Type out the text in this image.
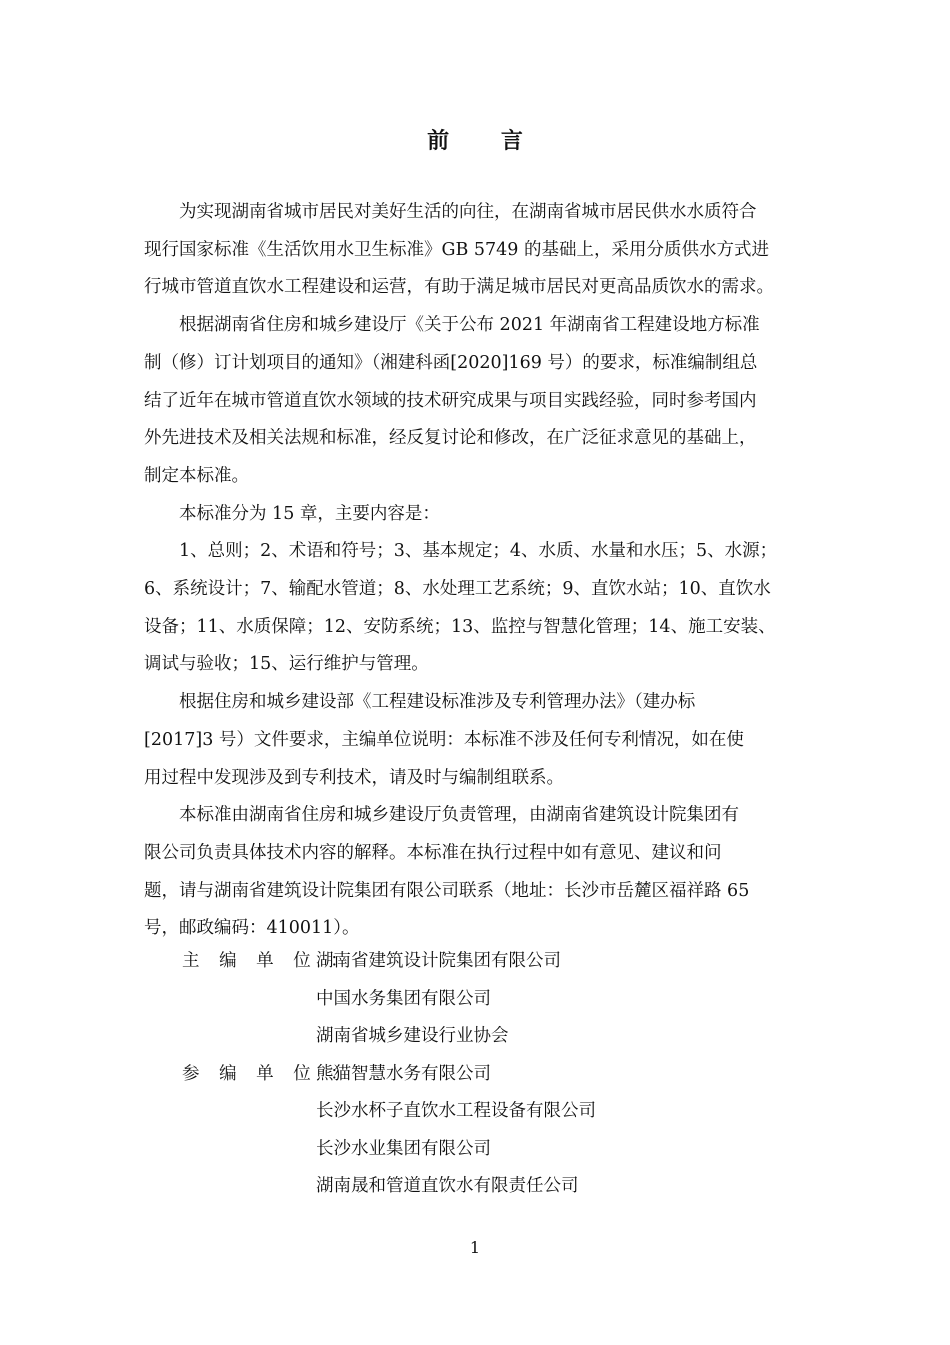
前 言

为实现湖南省城市居民对美好生活的向往，在湖南省城市居民供水水质符合
现行国家标准《生活饮用水卫生标准》GB 5749 的基础上，采用分质供水方式进
行城市管道直饮水工程建设和运营，有助于满足城市居民对更高品质饮水的需求。

根据湖南省住房和城乡建设厅《关于公布 2021 年湖南省工程建设地方标准
制（修）订计划项目的通知》（湘建科函[2020]169 号）的要求，标准编制组总
结了近年在城市管道直饮水领域的技术研究成果与项目实践经验，同时参考国内
外先进技术及相关法规和标准，经反复讨论和修改，在广泛征求意见的基础上，
制定本标准。

本标准分为 15 章，主要内容是：

1、总则；2、术语和符号；3、基本规定；4、水质、水量和水压；5、水源；
6、系统设计；7、输配水管道；8、水处理工艺系统；9、直饮水站；10、直饮水
设备；11、水质保障；12、安防系统；13、监控与智慧化管理；14、施工安装、
调试与验收；15、运行维护与管理。

根据住房和城乡建设部《工程建设标准涉及专利管理办法》（建办标
[2017]3 号）文件要求，主编单位说明：本标准不涉及任何专利情况，如在使
用过程中发现涉及到专利技术，请及时与编制组联系。

本标准由湖南省住房和城乡建设厅负责管理，由湖南省建筑设计院集团有
限公司负责具体技术内容的解释。本标准在执行过程中如有意见、建议和问
题，请与湖南省建筑设计院集团有限公司联系（地址：长沙市岳麓区福祥路 65
号，邮政编码：410011）。

主 编 单 位 ：
湖南省建筑设计院集团有限公司
中国水务集团有限公司
湖南省城乡建设行业协会
参 编 单 位 ：
熊猫智慧水务有限公司
长沙水杯子直饮水工程设备有限公司
长沙水业集团有限公司
湖南晟和管道直饮水有限责任公司
1
